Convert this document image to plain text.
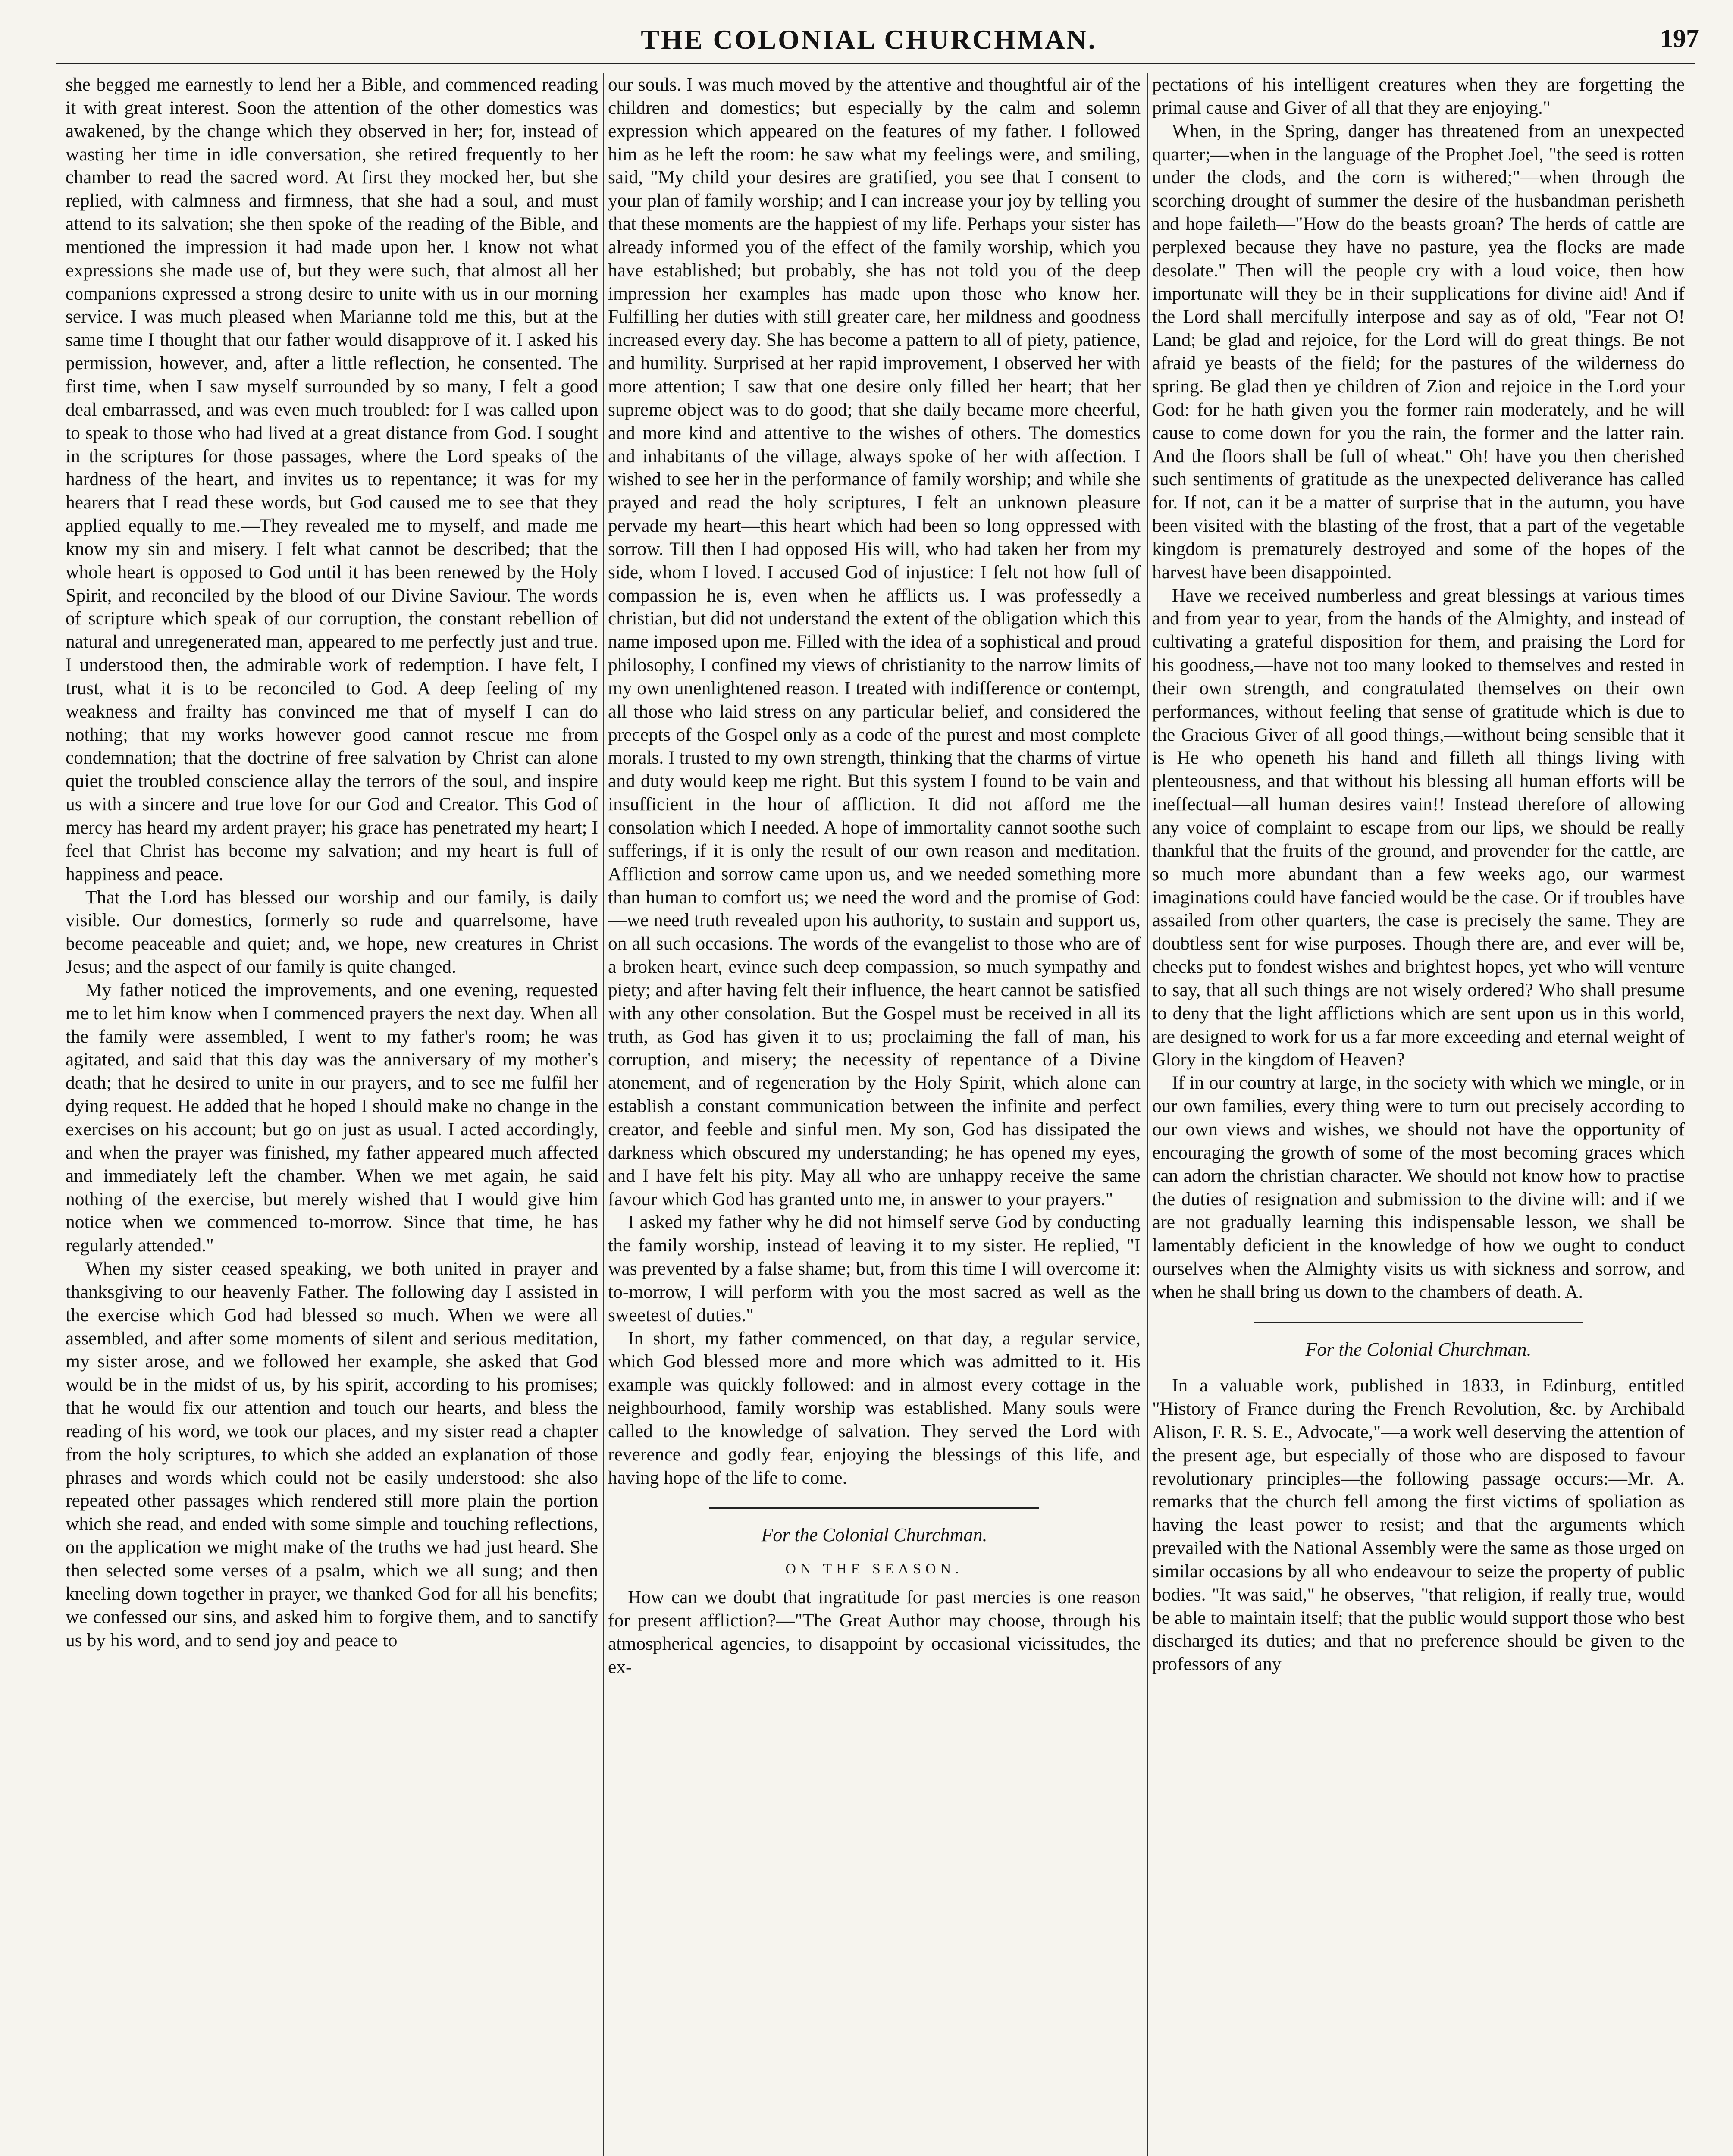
THE COLONIAL CHURCHMAN.	197

she begged me earnestly to lend her a Bible, and commenced reading it with great interest. Soon the attention of the other domestics was awakened, by the change which they observed in her; for, instead of wasting her time in idle conversation, she retired frequently to her chamber to read the sacred word. At first they mocked her, but she replied, with calmness and firmness, that she had a soul, and must attend to its salvation; she then spoke of the reading of the Bible, and mentioned the impression it had made upon her. I know not what expressions she made use of, but they were such, that almost all her companions expressed a strong desire to unite with us in our morning service. I was much pleased when Marianne told me this, but at the same time I thought that our father would disapprove of it. I asked his permission, however, and, after a little reflection, he consented. The first time, when I saw myself surrounded by so many, I felt a good deal embarrassed, and was even much troubled: for I was called upon to speak to those who had lived at a great distance from God. I sought in the scriptures for those passages, where the Lord speaks of the hardness of the heart, and invites us to repentance; it was for my hearers that I read these words, but God caused me to see that they applied equally to me.—They revealed me to myself, and made me know my sin and misery. I felt what cannot be described; that the whole heart is opposed to God until it has been renewed by the Holy Spirit, and reconciled by the blood of our Divine Saviour. The words of scripture which speak of our corruption, the constant rebellion of natural and unregenerated man, appeared to me perfectly just and true. I understood then, the admirable work of redemption. I have felt, I trust, what it is to be reconciled to God. A deep feeling of my weakness and frailty has convinced me that of myself I can do nothing; that my works however good cannot rescue me from condemnation; that the doctrine of free salvation by Christ can alone quiet the troubled conscience allay the terrors of the soul, and inspire us with a sincere and true love for our God and Creator. This God of mercy has heard my ardent prayer; his grace has penetrated my heart; I feel that Christ has become my salvation; and my heart is full of happiness and peace.

That the Lord has blessed our worship and our family, is daily visible. Our domestics, formerly so rude and quarrelsome, have become peaceable and quiet; and, we hope, new creatures in Christ Jesus; and the aspect of our family is quite changed.

My father noticed the improvements, and one evening, requested me to let him know when I commenced prayers the next day. When all the family were assembled, I went to my father's room; he was agitated, and said that this day was the anniversary of my mother's death; that he desired to unite in our prayers, and to see me fulfil her dying request. He added that he hoped I should make no change in the exercises on his account; but go on just as usual. I acted accordingly, and when the prayer was finished, my father appeared much affected and immediately left the chamber. When we met again, he said nothing of the exercise, but merely wished that I would give him notice when we commenced to-morrow. Since that time, he has regularly attended."

When my sister ceased speaking, we both united in prayer and thanksgiving to our heavenly Father. The following day I assisted in the exercise which God had blessed so much. When we were all assembled, and after some moments of silent and serious meditation, my sister arose, and we followed her example, she asked that God would be in the midst of us, by his spirit, according to his promises; that he would fix our attention and touch our hearts, and bless the reading of his word, we took our places, and my sister read a chapter from the holy scriptures, to which she added an explanation of those phrases and words which could not be easily understood: she also repeated other passages which rendered still more plain the portion which she read, and ended with some simple and touching reflections, on the application we might make of the truths we had just heard. She then selected some verses of a psalm, which we all sung; and then kneeling down together in prayer, we thanked God for all his benefits; we confessed our sins, and asked him to forgive them, and to sanctify us by his word, and to send joy and peace to

our souls. I was much moved by the attentive and thoughtful air of the children and domestics; but especially by the calm and solemn expression which appeared on the features of my father. I followed him as he left the room: he saw what my feelings were, and smiling, said, "My child your desires are gratified, you see that I consent to your plan of family worship; and I can increase your joy by telling you that these moments are the happiest of my life. Perhaps your sister has already informed you of the effect of the family worship, which you have established; but probably, she has not told you of the deep impression her examples has made upon those who know her. Fulfilling her duties with still greater care, her mildness and goodness increased every day. She has become a pattern to all of piety, patience, and humility. Surprised at her rapid improvement, I observed her with more attention; I saw that one desire only filled her heart; that her supreme object was to do good; that she daily became more cheerful, and more kind and attentive to the wishes of others. The domestics and inhabitants of the village, always spoke of her with affection. I wished to see her in the performance of family worship; and while she prayed and read the holy scriptures, I felt an unknown pleasure pervade my heart—this heart which had been so long oppressed with sorrow. Till then I had opposed His will, who had taken her from my side, whom I loved. I accused God of injustice: I felt not how full of compassion he is, even when he afflicts us. I was professedly a christian, but did not understand the extent of the obligation which this name imposed upon me. Filled with the idea of a sophistical and proud philosophy, I confined my views of christianity to the narrow limits of my own unenlightened reason. I treated with indifference or contempt, all those who laid stress on any particular belief, and considered the precepts of the Gospel only as a code of the purest and most complete morals. I trusted to my own strength, thinking that the charms of virtue and duty would keep me right. But this system I found to be vain and insufficient in the hour of affliction. It did not afford me the consolation which I needed. A hope of immortality cannot soothe such sufferings, if it is only the result of our own reason and meditation. Affliction and sorrow came upon us, and we needed something more than human to comfort us; we need the word and the promise of God:—we need truth revealed upon his authority, to sustain and support us, on all such occasions. The words of the evangelist to those who are of a broken heart, evince such deep compassion, so much sympathy and piety; and after having felt their influence, the heart cannot be satisfied with any other consolation. But the Gospel must be received in all its truth, as God has given it to us; proclaiming the fall of man, his corruption, and misery; the necessity of repentance of a Divine atonement, and of regeneration by the Holy Spirit, which alone can establish a constant communication between the infinite and perfect creator, and feeble and sinful men. My son, God has dissipated the darkness which obscured my understanding; he has opened my eyes, and I have felt his pity. May all who are unhappy receive the same favour which God has granted unto me, in answer to your prayers."

I asked my father why he did not himself serve God by conducting the family worship, instead of leaving it to my sister. He replied, "I was prevented by a false shame; but, from this time I will overcome it: to-morrow, I will perform with you the most sacred as well as the sweetest of duties."

In short, my father commenced, on that day, a regular service, which God blessed more and more which was admitted to it. His example was quickly followed: and in almost every cottage in the neighbourhood, family worship was established. Many souls were called to the knowledge of salvation. They served the Lord with reverence and godly fear, enjoying the blessings of this life, and having hope of the life to come.

For the Colonial Churchman.
ON THE SEASON.

How can we doubt that ingratitude for past mercies is one reason for present affliction?—"The Great Author may choose, through his atmospherical agencies, to disappoint by occasional vicissitudes, the ex-

pectations of his intelligent creatures when they are forgetting the primal cause and Giver of all that they are enjoying."

When, in the Spring, danger has threatened from an unexpected quarter;—when in the language of the Prophet Joel, "the seed is rotten under the clods, and the corn is withered;"—when through the scorching drought of summer the desire of the husbandman perisheth and hope faileth—"How do the beasts groan? The herds of cattle are perplexed because they have no pasture, yea the flocks are made desolate." Then will the people cry with a loud voice, then how importunate will they be in their supplications for divine aid! And if the Lord shall mercifully interpose and say as of old, "Fear not O! Land; be glad and rejoice, for the Lord will do great things. Be not afraid ye beasts of the field; for the pastures of the wilderness do spring. Be glad then ye children of Zion and rejoice in the Lord your God: for he hath given you the former rain moderately, and he will cause to come down for you the rain, the former and the latter rain. And the floors shall be full of wheat." Oh! have you then cherished such sentiments of gratitude as the unexpected deliverance has called for. If not, can it be a matter of surprise that in the autumn, you have been visited with the blasting of the frost, that a part of the vegetable kingdom is prematurely destroyed and some of the hopes of the harvest have been disappointed.

Have we received numberless and great blessings at various times and from year to year, from the hands of the Almighty, and instead of cultivating a grateful disposition for them, and praising the Lord for his goodness,—have not too many looked to themselves and rested in their own strength, and congratulated themselves on their own performances, without feeling that sense of gratitude which is due to the Gracious Giver of all good things,—without being sensible that it is He who openeth his hand and filleth all things living with plenteousness, and that without his blessing all human efforts will be ineffectual—all human desires vain!! Instead therefore of allowing any voice of complaint to escape from our lips, we should be really thankful that the fruits of the ground, and provender for the cattle, are so much more abundant than a few weeks ago, our warmest imaginations could have fancied would be the case. Or if troubles have assailed from other quarters, the case is precisely the same. They are doubtless sent for wise purposes. Though there are, and ever will be, checks put to fondest wishes and brightest hopes, yet who will venture to say, that all such things are not wisely ordered? Who shall presume to deny that the light afflictions which are sent upon us in this world, are designed to work for us a far more exceeding and eternal weight of Glory in the kingdom of Heaven?

If in our country at large, in the society with which we mingle, or in our own families, every thing were to turn out precisely according to our own views and wishes, we should not have the opportunity of encouraging the growth of some of the most becoming graces which can adorn the christian character. We should not know how to practise the duties of resignation and submission to the divine will: and if we are not gradually learning this indispensable lesson, we shall be lamentably deficient in the knowledge of how we ought to conduct ourselves when the Almighty visits us with sickness and sorrow, and when he shall bring us down to the chambers of death. A.

For the Colonial Churchman.

In a valuable work, published in 1833, in Edinburg, entitled "History of France during the French Revolution, &c. by Archibald Alison, F. R. S. E., Advocate,"—a work well deserving the attention of the present age, but especially of those who are disposed to favour revolutionary principles—the following passage occurs:—Mr. A. remarks that the church fell among the first victims of spoliation as having the least power to resist; and that the arguments which prevailed with the National Assembly were the same as those urged on similar occasions by all who endeavour to seize the property of public bodies. "It was said," he observes, "that religion, if really true, would be able to maintain itself; that the public would support those who best discharged its duties; and that no preference should be given to the professors of any
